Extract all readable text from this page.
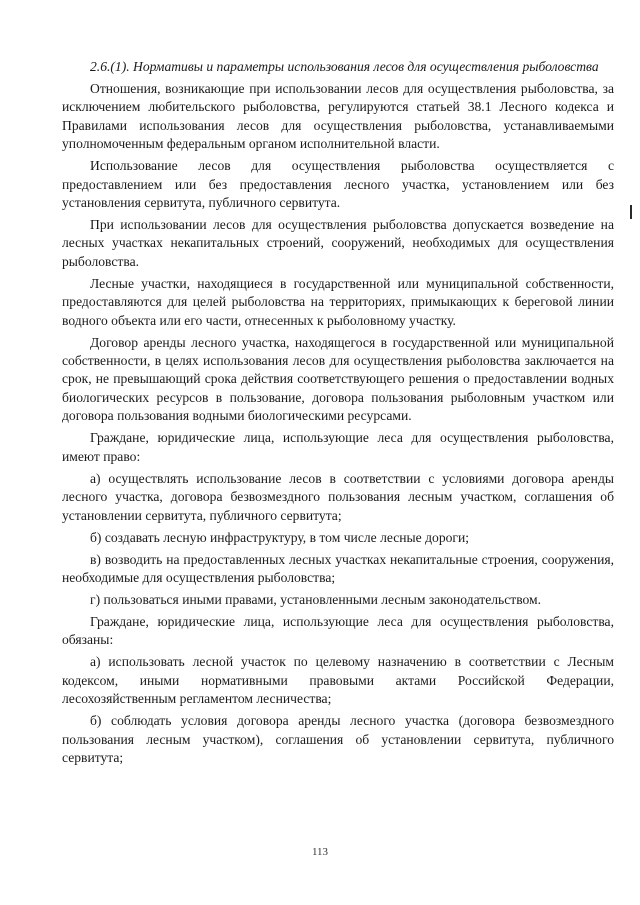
2.6.(1). Нормативы и параметры использования лесов для осуществления рыболовства

Отношения, возникающие при использовании лесов для осуществления рыболовства, за исключением любительского рыболовства, регулируются статьей 38.1 Лесного кодекса и Правилами использования лесов для осуществления рыболовства, устанавливаемыми уполномоченным федеральным органом исполнительной власти.

Использование лесов для осуществления рыболовства осуществляется с предоставлением или без предоставления лесного участка, установлением или без установления сервитута, публичного сервитута.

При использовании лесов для осуществления рыболовства допускается возведение на лесных участках некапитальных строений, сооружений, необходимых для осуществления рыболовства.

Лесные участки, находящиеся в государственной или муниципальной собственности, предоставляются для целей рыболовства на территориях, примыкающих к береговой линии водного объекта или его части, отнесенных к рыболовному участку.

Договор аренды лесного участка, находящегося в государственной или муниципальной собственности, в целях использования лесов для осуществления рыболовства заключается на срок, не превышающий срока действия соответствующего решения о предоставлении водных биологических ресурсов в пользование, договора пользования рыболовным участком или договора пользования водными биологическими ресурсами.

Граждане, юридические лица, использующие леса для осуществления рыболовства, имеют право:

а) осуществлять использование лесов в соответствии с условиями договора аренды лесного участка, договора безвозмездного пользования лесным участком, соглашения об установлении сервитута, публичного сервитута;

б) создавать лесную инфраструктуру, в том числе лесные дороги;

в) возводить на предоставленных лесных участках некапитальные строения, сооружения, необходимые для осуществления рыболовства;

г) пользоваться иными правами, установленными лесным законодательством.

Граждане, юридические лица, использующие леса для осуществления рыболовства, обязаны:

а) использовать лесной участок по целевому назначению в соответствии с Лесным кодексом, иными нормативными правовыми актами Российской Федерации, лесохозяйственным регламентом лесничества;

б) соблюдать условия договора аренды лесного участка (договора безвозмездного пользования лесным участком), соглашения об установлении сервитута, публичного сервитута;

113
